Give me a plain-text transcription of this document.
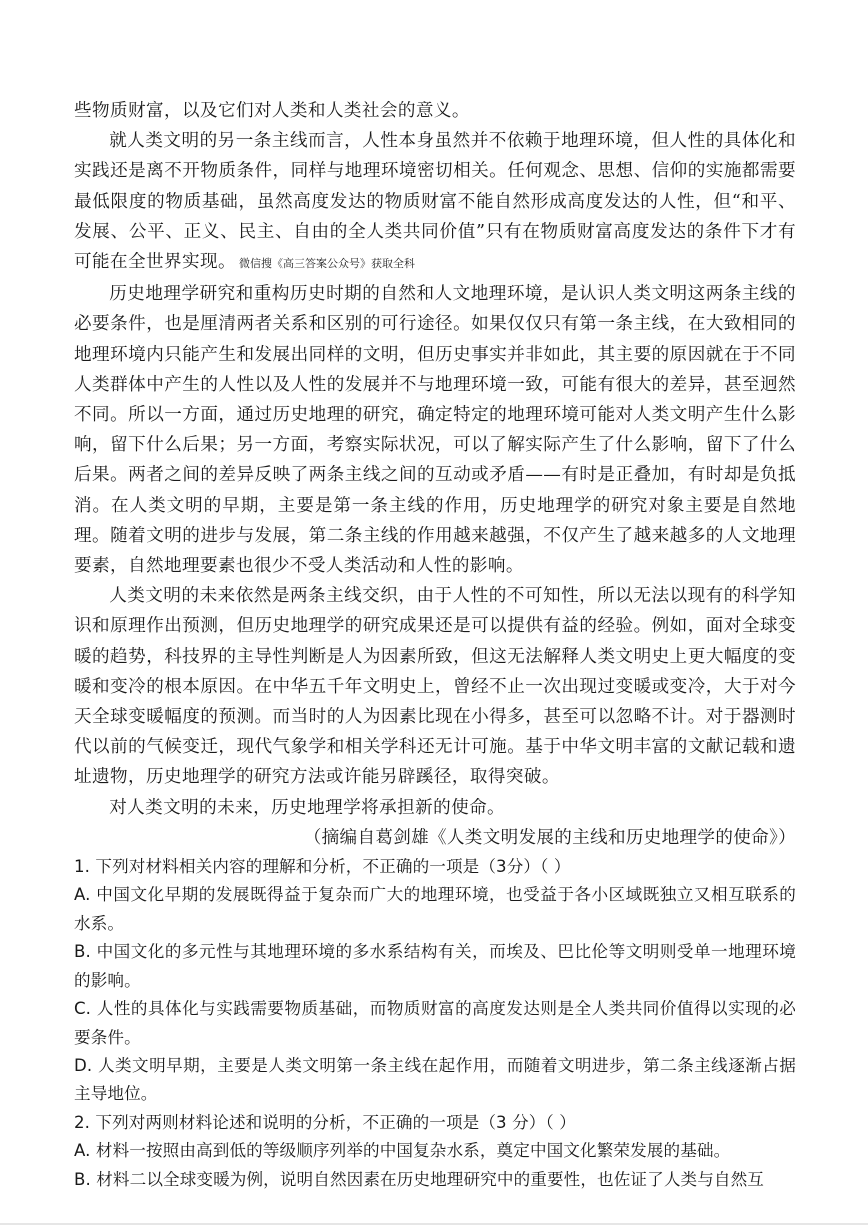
些物质财富，以及它们对人类和人类社会的意义。

就人类文明的另一条主线而言，人性本身虽然并不依赖于地理环境，但人性的具体化和实践还是离不开物质条件，同样与地理环境密切相关。任何观念、思想、信仰的实施都需要最低限度的物质基础，虽然高度发达的物质财富不能自然形成高度发达的人性，但“和平、发展、公平、正义、民主、自由的全人类共同价值”只有在物质财富高度发达的条件下才有可能在全世界实现。 微信搜《高三答案公众号》获取全科

历史地理学研究和重构历史时期的自然和人文地理环境，是认识人类文明这两条主线的必要条件，也是厘清两者关系和区别的可行途径。如果仅仅只有第一条主线，在大致相同的地理环境内只能产生和发展出同样的文明，但历史事实并非如此，其主要的原因就在于不同人类群体中产生的人性以及人性的发展并不与地理环境一致，可能有很大的差异，甚至迥然不同。所以一方面，通过历史地理的研究，确定特定的地理环境可能对人类文明产生什么影响，留下什么后果；另一方面，考察实际状况，可以了解实际产生了什么影响，留下了什么后果。两者之间的差异反映了两条主线之间的互动或矛盾——有时是正叠加，有时却是负抵消。在人类文明的早期，主要是第一条主线的作用，历史地理学的研究对象主要是自然地理。随着文明的进步与发展，第二条主线的作用越来越强，不仅产生了越来越多的人文地理要素，自然地理要素也很少不受人类活动和人性的影响。

人类文明的未来依然是两条主线交织，由于人性的不可知性，所以无法以现有的科学知识和原理作出预测，但历史地理学的研究成果还是可以提供有益的经验。例如，面对全球变暖的趋势，科技界的主导性判断是人为因素所致，但这无法解释人类文明史上更大幅度的变暖和变冷的根本原因。在中华五千年文明史上，曾经不止一次出现过变暖或变冷，大于对今天全球变暖幅度的预测。而当时的人为因素比现在小得多，甚至可以忽略不计。对于器测时代以前的气候变迁，现代气象学和相关学科还无计可施。基于中华文明丰富的文献记载和遗址遗物，历史地理学的研究方法或许能另辟蹊径，取得突破。

对人类文明的未来，历史地理学将承担新的使命。

（摘编自葛剑雄《人类文明发展的主线和历史地理学的使命》）

1. 下列对材料相关内容的理解和分析，不正确的一项是（3分）（ ）

A. 中国文化早期的发展既得益于复杂而广大的地理环境，也受益于各小区域既独立又相互联系的水系。

B. 中国文化的多元性与其地理环境的多水系结构有关，而埃及、巴比伦等文明则受单一地理环境的影响。

C. 人性的具体化与实践需要物质基础，而物质财富的高度发达则是全人类共同价值得以实现的必要条件。

D. 人类文明早期，主要是人类文明第一条主线在起作用，而随着文明进步，第二条主线逐渐占据主导地位。

2. 下列对两则材料论述和说明的分析，不正确的一项是（3 分）（ ）

A. 材料一按照由高到低的等级顺序列举的中国复杂水系，奠定中国文化繁荣发展的基础。

B. 材料二以全球变暖为例，说明自然因素在历史地理研究中的重要性，也佐证了人类与自然互
